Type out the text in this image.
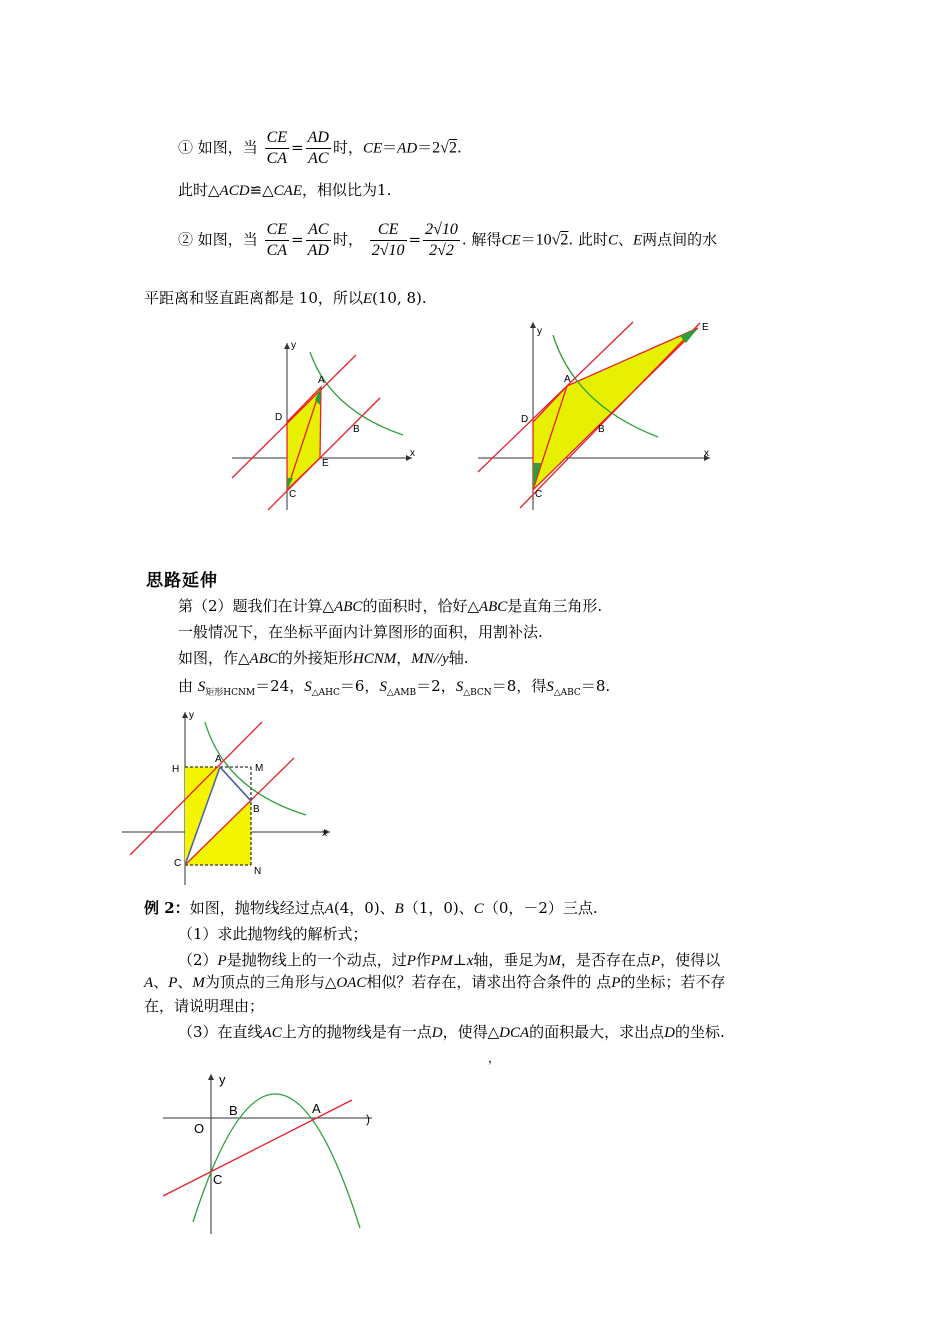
① 如图，当 $\frac{CE}{CA} = \frac{AD}{AC}$ 时，CE＝AD＝2√2.
此时△ACD≌△CAE，相似比为1.
② 如图，当 $\frac{CE}{CA} = \frac{AC}{AD}$ 时， $\frac{CE}{2√10} = \frac{2√10}{2√2}$ . 解得CE＝10√2. 此时C、E两点间的水
平距离和竖直距离都是 10，所以E(10, 8).
A
B
D
E
C
y
x
A
B
D
E
C
y
x
思路延伸
第（2）题我们在计算△ABC的面积时，恰好△ABC是直角三角形.
一般情况下，在坐标平面内计算图形的面积，用割补法.
如图，作△ABC的外接矩形HCNM，MN//y轴.
由 $S_{矩形HCNM}=24$，$S_{\triangle AHC}=6$，$S_{\triangle AMB}=2$，$S_{\triangle BCN}=8$，得$S_{\triangle ABC}=8$.
H	M
A
B
C
N
y
x
例 2：如图，抛物线经过点A(4，0)、B（1，0)、C（0，－2）三点.
（1）求此抛物线的解析式；
（2）P是抛物线上的一个动点，过P作PM⊥x轴，垂足为M，是否存在点P，使得以
A、P、M为顶点的三角形与△OAC相似？若存在，请求出符合条件的 点P的坐标；若不存
在，请说明理由；
（3）在直线AC上方的抛物线是有一点D，使得△DCA的面积最大，求出点D的坐标.
，
y
)
O
B	A
C
